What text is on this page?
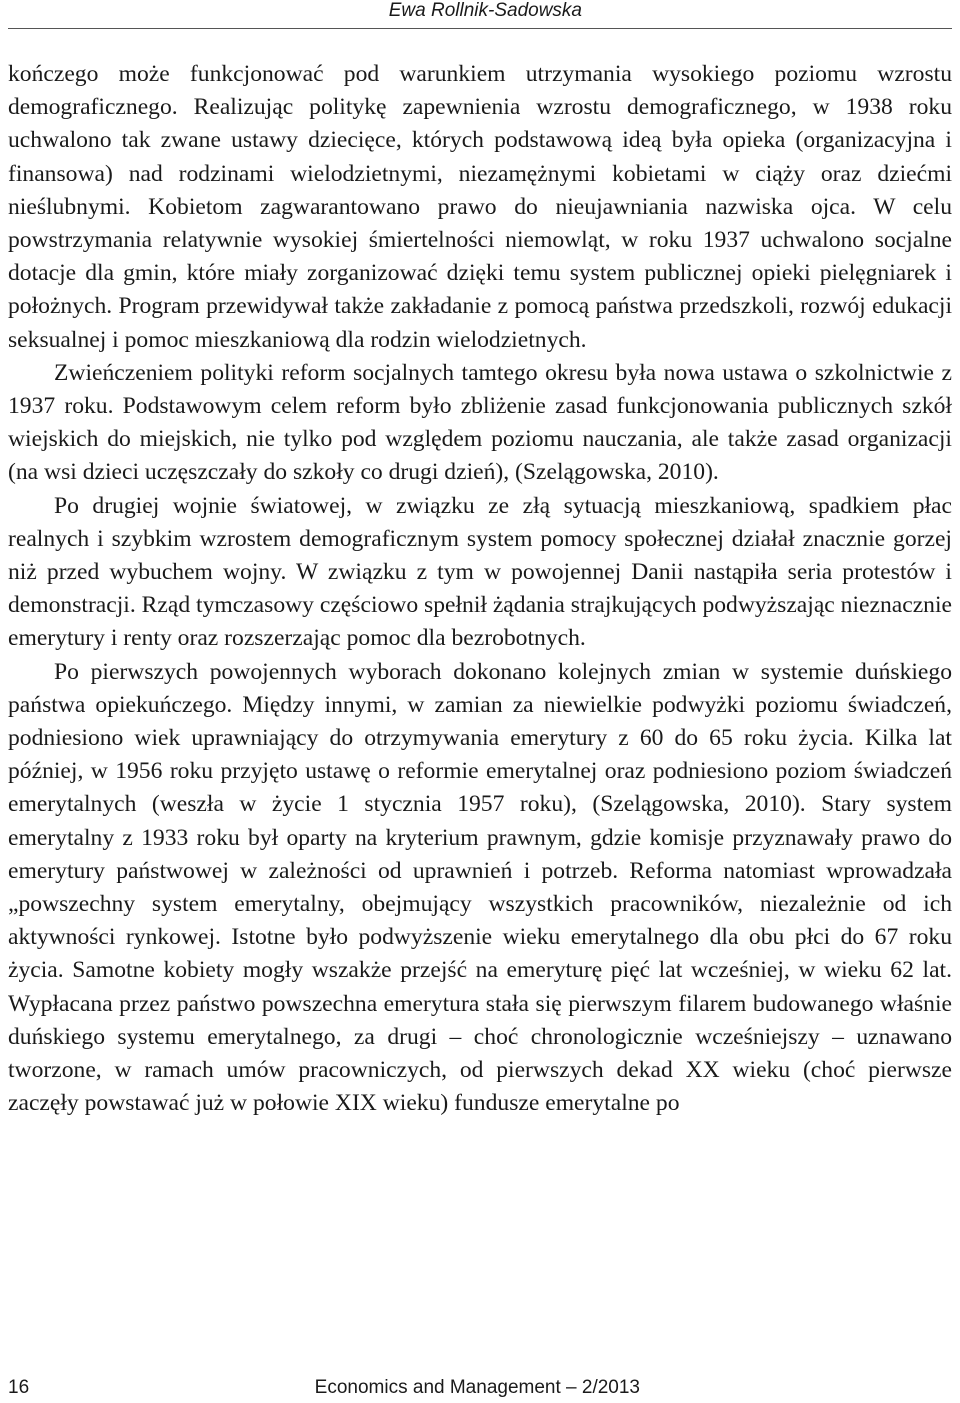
Ewa Rollnik-Sadowska

kończego może funkcjonować pod warunkiem utrzymania wysokiego poziomu wzrostu demograficznego. Realizując politykę zapewnienia wzrostu demograficznego, w 1938 roku uchwalono tak zwane ustawy dziecięce, których podstawową ideą była opieka (organizacyjna i finansowa) nad rodzinami wielodzietnymi, niezamężnymi kobietami w ciąży oraz dziećmi nieślubnymi. Kobietom zagwarantowano prawo do nieujawniania nazwiska ojca. W celu powstrzymania relatywnie wysokiej śmiertelności niemowląt, w roku 1937 uchwalono socjalne dotacje dla gmin, które miały zorganizować dzięki temu system publicznej opieki pielęgniarek i położnych. Program przewidywał także zakładanie z pomocą państwa przedszkoli, rozwój edukacji seksualnej i pomoc mieszkaniową dla rodzin wielodzietnych.

Zwieńczeniem polityki reform socjalnych tamtego okresu była nowa ustawa o szkolnictwie z 1937 roku. Podstawowym celem reform było zbliżenie zasad funkcjonowania publicznych szkół wiejskich do miejskich, nie tylko pod względem poziomu nauczania, ale także zasad organizacji (na wsi dzieci uczęszczały do szkoły co drugi dzień), (Szelągowska, 2010).

Po drugiej wojnie światowej, w związku ze złą sytuacją mieszkaniową, spadkiem płac realnych i szybkim wzrostem demograficznym system pomocy społecznej działał znacznie gorzej niż przed wybuchem wojny. W związku z tym w powojennej Danii nastąpiła seria protestów i demonstracji. Rząd tymczasowy częściowo spełnił żądania strajkujących podwyższając nieznacznie emerytury i renty oraz rozszerzając pomoc dla bezrobotnych.

Po pierwszych powojennych wyborach dokonano kolejnych zmian w systemie duńskiego państwa opiekuńczego. Między innymi, w zamian za niewielkie podwyżki poziomu świadczeń, podniesiono wiek uprawniający do otrzymywania emerytury z 60 do 65 roku życia. Kilka lat później, w 1956 roku przyjęto ustawę o reformie emerytalnej oraz podniesiono poziom świadczeń emerytalnych (weszła w życie 1 stycznia 1957 roku), (Szelągowska, 2010). Stary system emerytalny z 1933 roku był oparty na kryterium prawnym, gdzie komisje przyznawały prawo do emerytury państwowej w zależności od uprawnień i potrzeb. Reforma natomiast wprowadzała „powszechny system emerytalny, obejmujący wszystkich pracowników, niezależnie od ich aktywności rynkowej. Istotne było podwyższenie wieku emerytalnego dla obu płci do 67 roku życia. Samotne kobiety mogły wszakże przejść na emeryturę pięć lat wcześniej, w wieku 62 lat. Wypłacana przez państwo powszechna emerytura stała się pierwszym filarem budowanego właśnie duńskiego systemu emerytalnego, za drugi – choć chronologicznie wcześniejszy – uznawano tworzone, w ramach umów pracowniczych, od pierwszych dekad XX wieku (choć pierwsze zaczęły powstawać już w połowie XIX wieku) fundusze emerytalne po

16	Economics and Management – 2/2013
